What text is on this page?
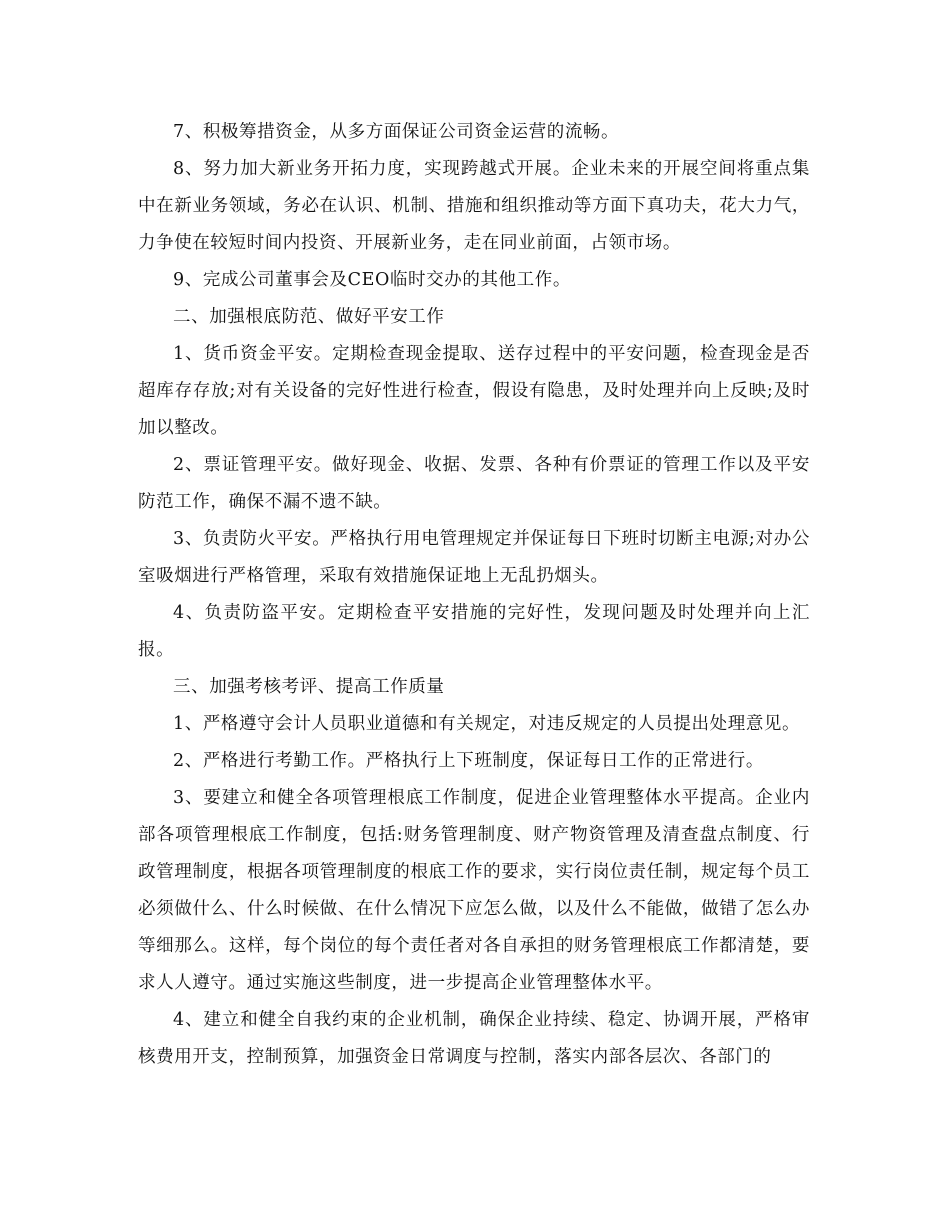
7、积极筹措资金，从多方面保证公司资金运营的流畅。

8、努力加大新业务开拓力度，实现跨越式开展。企业未来的开展空间将重点集中在新业务领域，务必在认识、机制、措施和组织推动等方面下真功夫，花大力气，力争使在较短时间内投资、开展新业务，走在同业前面，占领市场。

9、完成公司董事会及CEO临时交办的其他工作。

二、加强根底防范、做好平安工作

1、货币资金平安。定期检查现金提取、送存过程中的平安问题，检查现金是否超库存存放;对有关设备的完好性进行检查，假设有隐患，及时处理并向上反映;及时加以整改。

2、票证管理平安。做好现金、收据、发票、各种有价票证的管理工作以及平安防范工作，确保不漏不遗不缺。

3、负责防火平安。严格执行用电管理规定并保证每日下班时切断主电源;对办公室吸烟进行严格管理，采取有效措施保证地上无乱扔烟头。

4、负责防盗平安。定期检查平安措施的完好性，发现问题及时处理并向上汇报。

三、加强考核考评、提高工作质量

1、严格遵守会计人员职业道德和有关规定，对违反规定的人员提出处理意见。

2、严格进行考勤工作。严格执行上下班制度，保证每日工作的正常进行。

3、要建立和健全各项管理根底工作制度，促进企业管理整体水平提高。企业内部各项管理根底工作制度，包括:财务管理制度、财产物资管理及清查盘点制度、行政管理制度，根据各项管理制度的根底工作的要求，实行岗位责任制，规定每个员工必须做什么、什么时候做、在什么情况下应怎么做，以及什么不能做，做错了怎么办等细那么。这样，每个岗位的每个责任者对各自承担的财务管理根底工作都清楚，要求人人遵守。通过实施这些制度，进一步提高企业管理整体水平。

4、建立和健全自我约束的企业机制，确保企业持续、稳定、协调开展，严格审核费用开支，控制预算，加强资金日常调度与控制，落实内部各层次、各部门的
